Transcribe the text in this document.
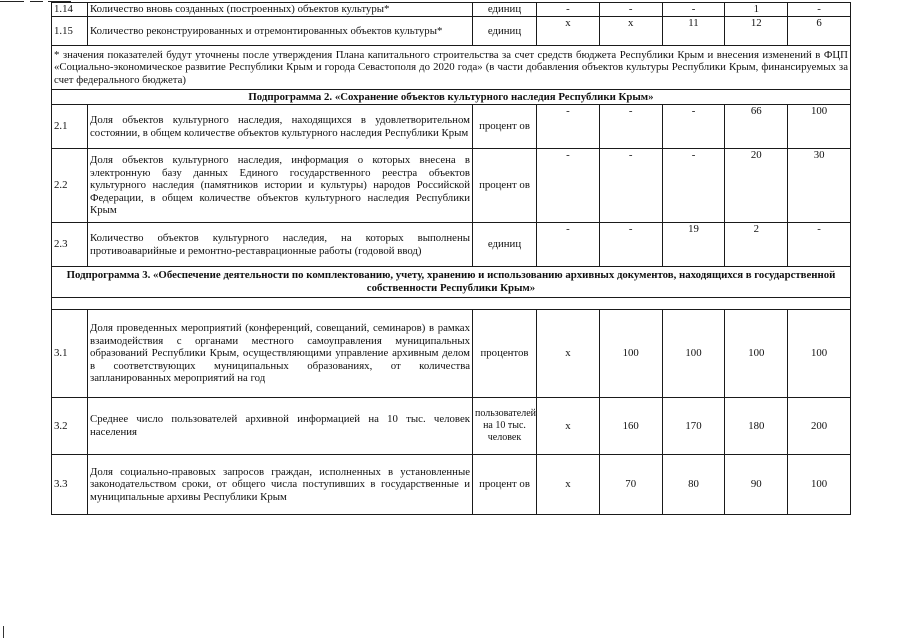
1.14	Количество вновь созданных (построенных) объектов культуры*	единиц	-	-	-	1	-
1.15	Количество реконструированных и отремонтированных объектов культуры*	единиц	х	х	11	12	6
* значения показателей будут уточнены после утверждения Плана капитального строительства за счет средств бюджета Республики Крым и внесения изменений в ФЦП «Социально-экономическое развитие Республики Крым и города Севастополя до 2020 года» (в части добавления объектов культуры Республики Крым, финансируемых за счет федерального бюджета)							
Подпрограмма 2. «Сохранение объектов культурного наследия Республики Крым»							
2.1	Доля объектов культурного наследия, находящихся в удовлетворительном состоянии, в общем количестве объектов культурного наследия Республики Крым	процент ов	-	-	-	66	100
2.2	Доля объектов культурного наследия, информация о которых внесена в электронную базу данных Единого государственного реестра объектов культурного наследия (памятников истории и культуры) народов Российской Федерации, в общем количестве объектов культурного наследия Республики Крым	процент ов	-	-	-	20	30
2.3	Количество объектов культурного наследия, на которых выполнены противоаварийные и ремонтно-реставрационные работы (годовой ввод)	единиц	-	-	19	2	-
Подпрограмма 3. «Обеспечение деятельности по комплектованию, учету, хранению и использованию архивных документов, находящихся в государственной собственности Республики Крым»							

3.1	Доля проведенных мероприятий (конференций, совещаний, семинаров) в рамках взаимодействия с органами местного самоуправления муниципальных образований Республики Крым, осуществляющими управление архивным делом в соответствующих муниципальных образованиях, от количества запланированных мероприятий на год	процентов	х	100	100	100	100
3.2	Среднее число пользователей архивной информацией на 10 тыс. человек населения	пользователей на 10 тыс. человек	х	160	170	180	200
3.3	Доля социально-правовых запросов граждан, исполненных в установленные законодательством сроки, от общего числа поступивших в государственные и муниципальные архивы Республики Крым	процент ов	х	70	80	90	100
